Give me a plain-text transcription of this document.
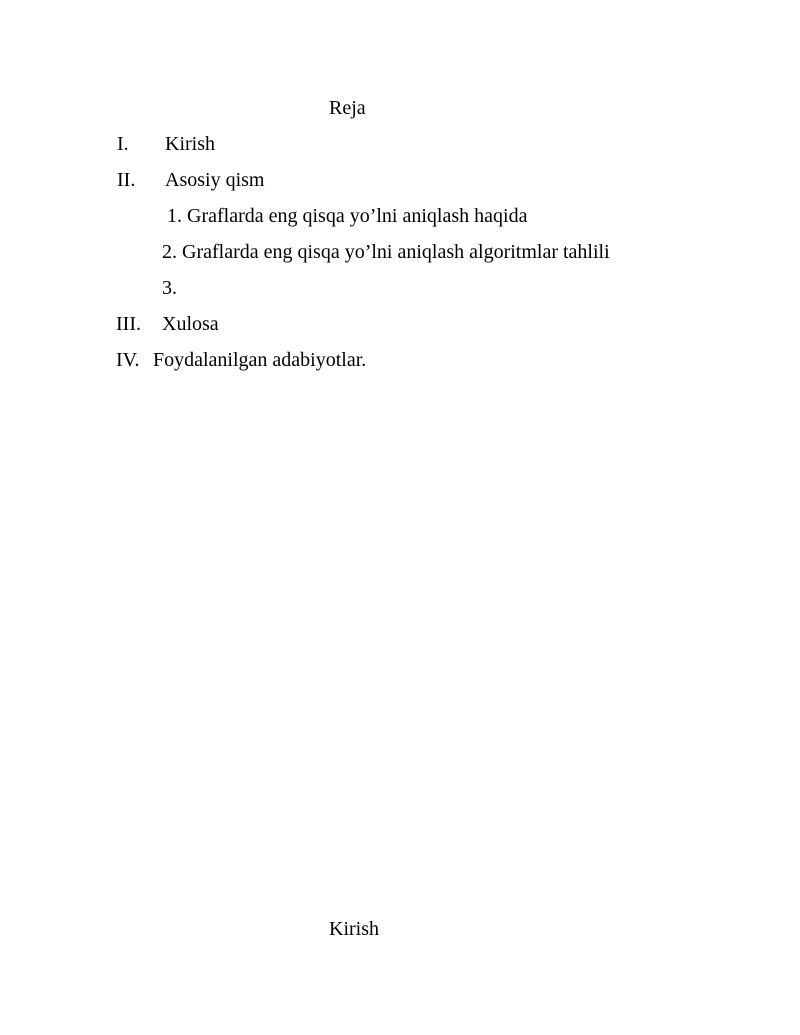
Reja
I. Kirish
II. Asosiy qism
1. Graflarda eng qisqa yo’lni aniqlash haqida
2. Graflarda eng qisqa yo’lni aniqlash algoritmlar tahlili
3.
III. Xulosa
IV. Foydalanilgan adabiyotlar.
Kirish
